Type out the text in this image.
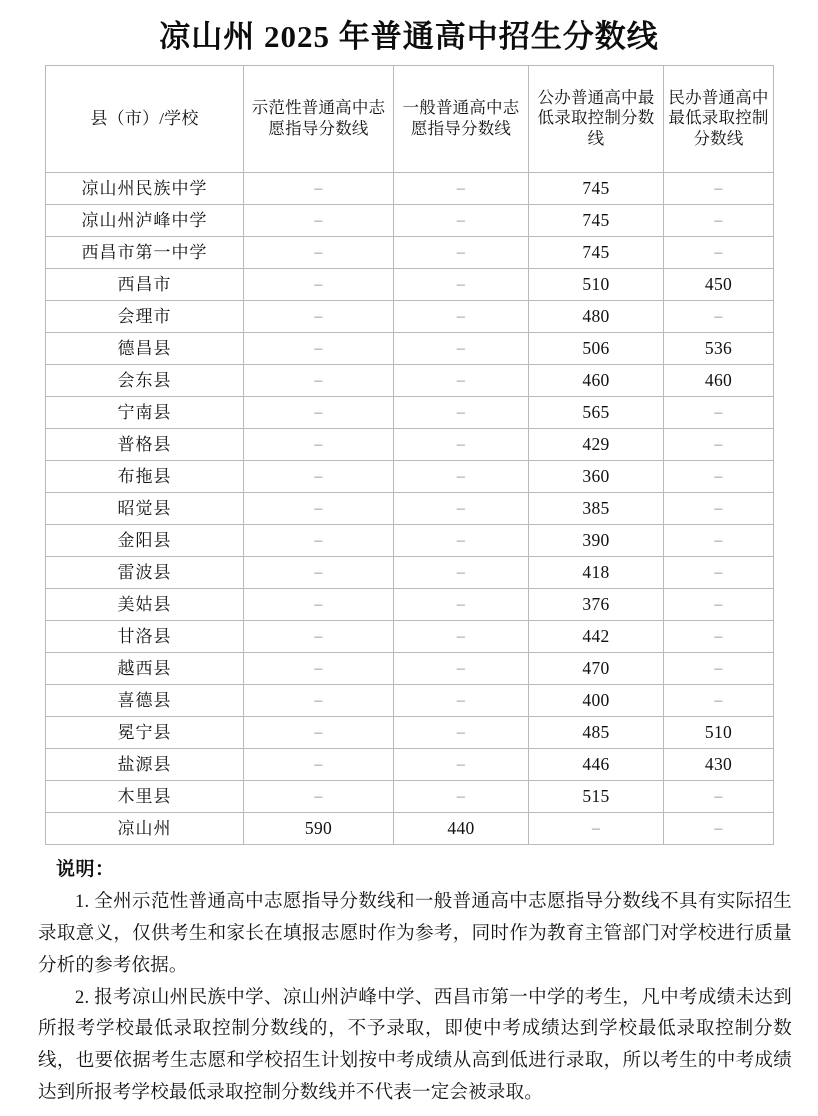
凉山州 2025 年普通高中招生分数线
县（市）/学校	示范性普通高中志愿指导分数线	一般普通高中志愿指导分数线	公办普通高中最低录取控制分数线	民办普通高中最低录取控制分数线
凉山州民族中学	–	–	745	–
凉山州泸峰中学	–	–	745	–
西昌市第一中学	–	–	745	–
西昌市	–	–	510	450
会理市	–	–	480	–
德昌县	–	–	506	536
会东县	–	–	460	460
宁南县	–	–	565	–
普格县	–	–	429	–
布拖县	–	–	360	–
昭觉县	–	–	385	–
金阳县	–	–	390	–
雷波县	–	–	418	–
美姑县	–	–	376	–
甘洛县	–	–	442	–
越西县	–	–	470	–
喜德县	–	–	400	–
冕宁县	–	–	485	510
盐源县	–	–	446	430
木里县	–	–	515	–
凉山州	590	440	–	–
说明：

1. 全州示范性普通高中志愿指导分数线和一般普通高中志愿指导分数线不具有实际招生录取意义，仅供考生和家长在填报志愿时作为参考，同时作为教育主管部门对学校进行质量分析的参考依据。

2. 报考凉山州民族中学、凉山州泸峰中学、西昌市第一中学的考生，凡中考成绩未达到所报考学校最低录取控制分数线的，不予录取，即使中考成绩达到学校最低录取控制分数线，也要依据考生志愿和学校招生计划按中考成绩从高到低进行录取，所以考生的中考成绩达到所报考学校最低录取控制分数线并不代表一定会被录取。
